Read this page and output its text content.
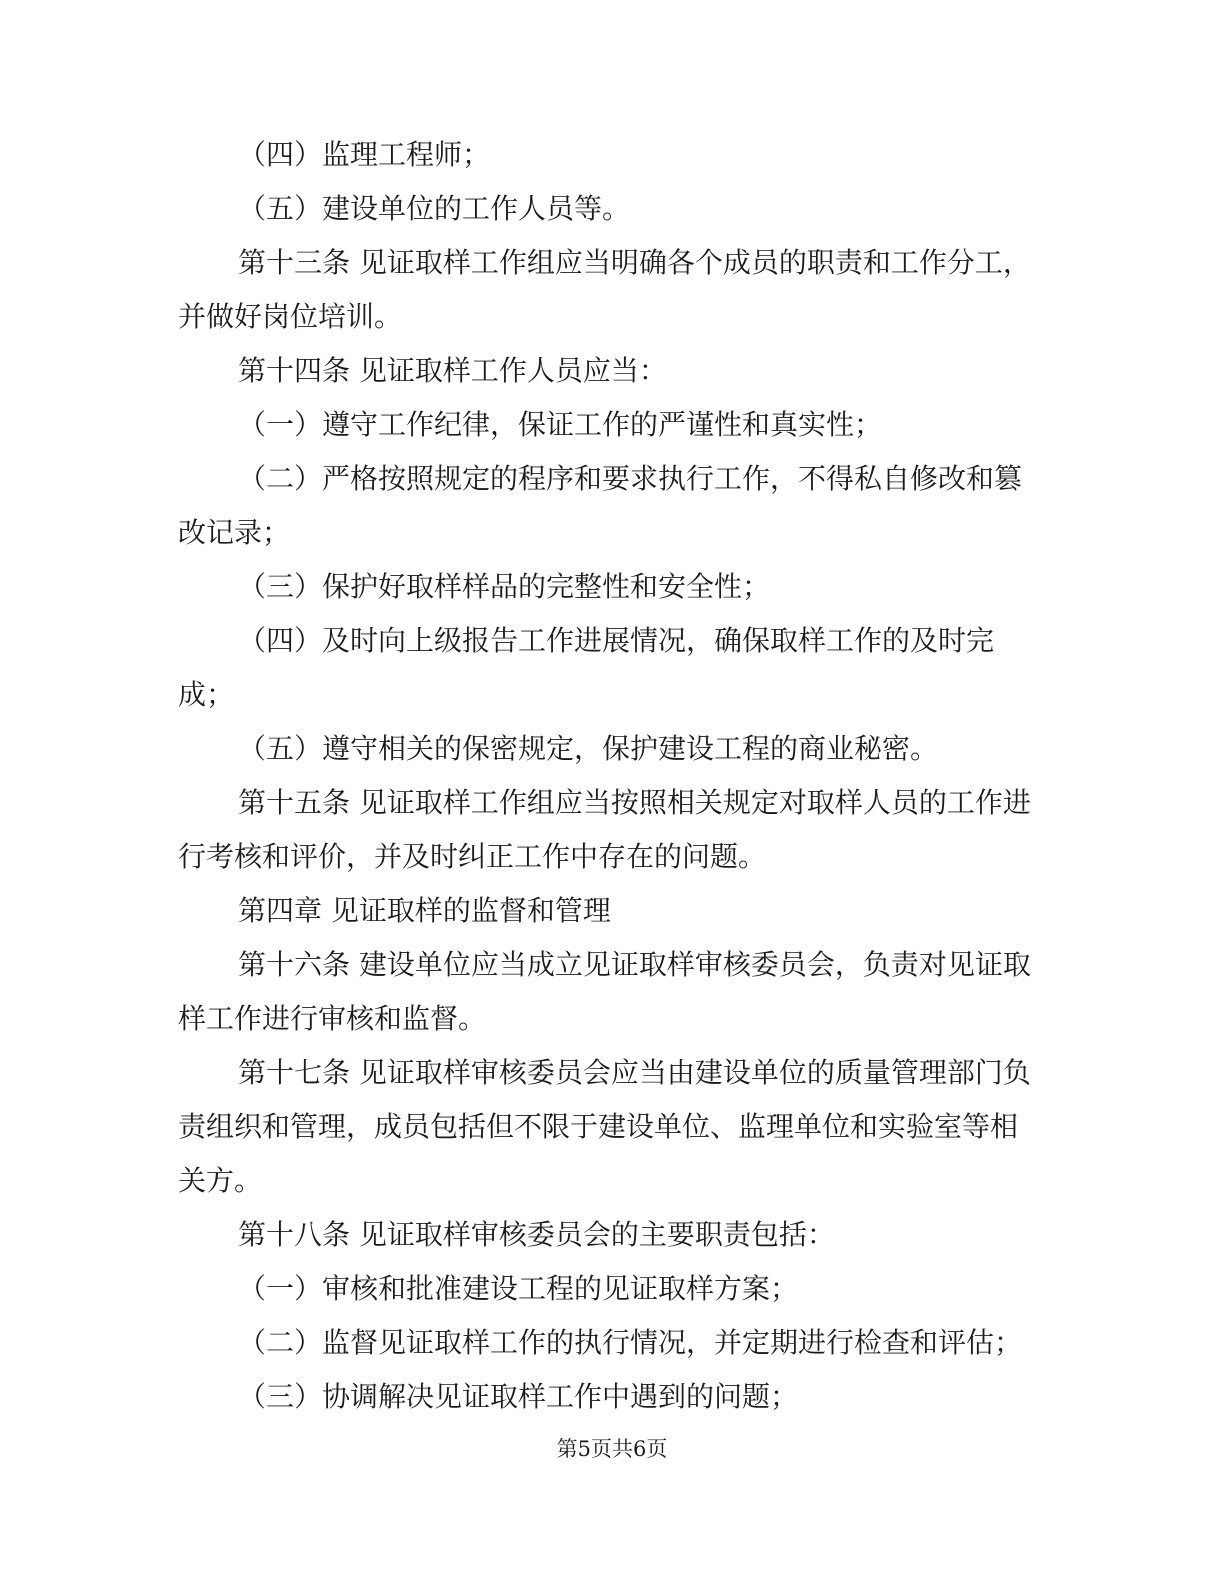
（四）监理工程师；
（五）建设单位的工作人员等。
第十三条 见证取样工作组应当明确各个成员的职责和工作分工，
并做好岗位培训。
第十四条 见证取样工作人员应当：
（一）遵守工作纪律，保证工作的严谨性和真实性；
（二）严格按照规定的程序和要求执行工作，不得私自修改和篡
改记录；
（三）保护好取样样品的完整性和安全性；
（四）及时向上级报告工作进展情况，确保取样工作的及时完
成；
（五）遵守相关的保密规定，保护建设工程的商业秘密。
第十五条 见证取样工作组应当按照相关规定对取样人员的工作进
行考核和评价，并及时纠正工作中存在的问题。
第四章 见证取样的监督和管理
第十六条 建设单位应当成立见证取样审核委员会，负责对见证取
样工作进行审核和监督。
第十七条 见证取样审核委员会应当由建设单位的质量管理部门负
责组织和管理，成员包括但不限于建设单位、监理单位和实验室等相
关方。
第十八条 见证取样审核委员会的主要职责包括：
（一）审核和批准建设工程的见证取样方案；
（二）监督见证取样工作的执行情况，并定期进行检查和评估；
（三）协调解决见证取样工作中遇到的问题；
第5页共6页
